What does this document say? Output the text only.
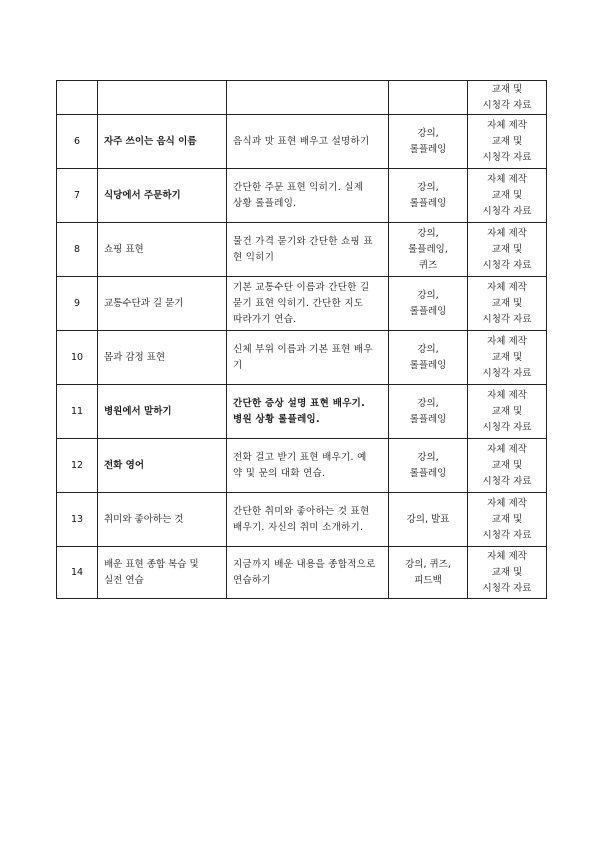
				교재 및
시청각 자료

6	자주 쓰이는 음식 이름	음식과 맛 표현 배우고 설명하기	강의,
롤플레잉	자체 제작
교재 및
시청각 자료

7	식당에서 주문하기	간단한 주문 표현 익히기. 실제
상황 롤플레잉.	강의,
롤플레잉	자체 제작
교재 및
시청각 자료

8	쇼핑 표현	물건 가격 묻기와 간단한 쇼핑 표
현 익히기	강의,
롤플레잉,
퀴즈	자체 제작
교재 및
시청각 자료

9	교통수단과 길 묻기	기본 교통수단 이름과 간단한 길
묻기 표현 익히기. 간단한 지도
따라가기 연습.	강의,
롤플레잉	자체 제작
교재 및
시청각 자료

10	몸과 감정 표현	신체 부위 이름과 기본 표현 배우
기	강의,
롤플레잉	자체 제작
교재 및
시청각 자료

11	병원에서 말하기	간단한 증상 설명 표현 배우기.
병원 상황 롤플레잉.	강의,
롤플레잉	자체 제작
교재 및
시청각 자료

12	전화 영어	전화 걸고 받기 표현 배우기. 예
약 및 문의 대화 연습.	강의,
롤플레잉	자체 제작
교재 및
시청각 자료

13	취미와 좋아하는 것	간단한 취미와 좋아하는 것 표현
배우기. 자신의 취미 소개하기.	강의, 발표	자체 제작
교재 및
시청각 자료

14	배운 표현 종합 복습 및
실전 연습	지금까지 배운 내용을 종합적으로
연습하기	강의, 퀴즈,
피드백	자체 제작
교재 및
시청각 자료
